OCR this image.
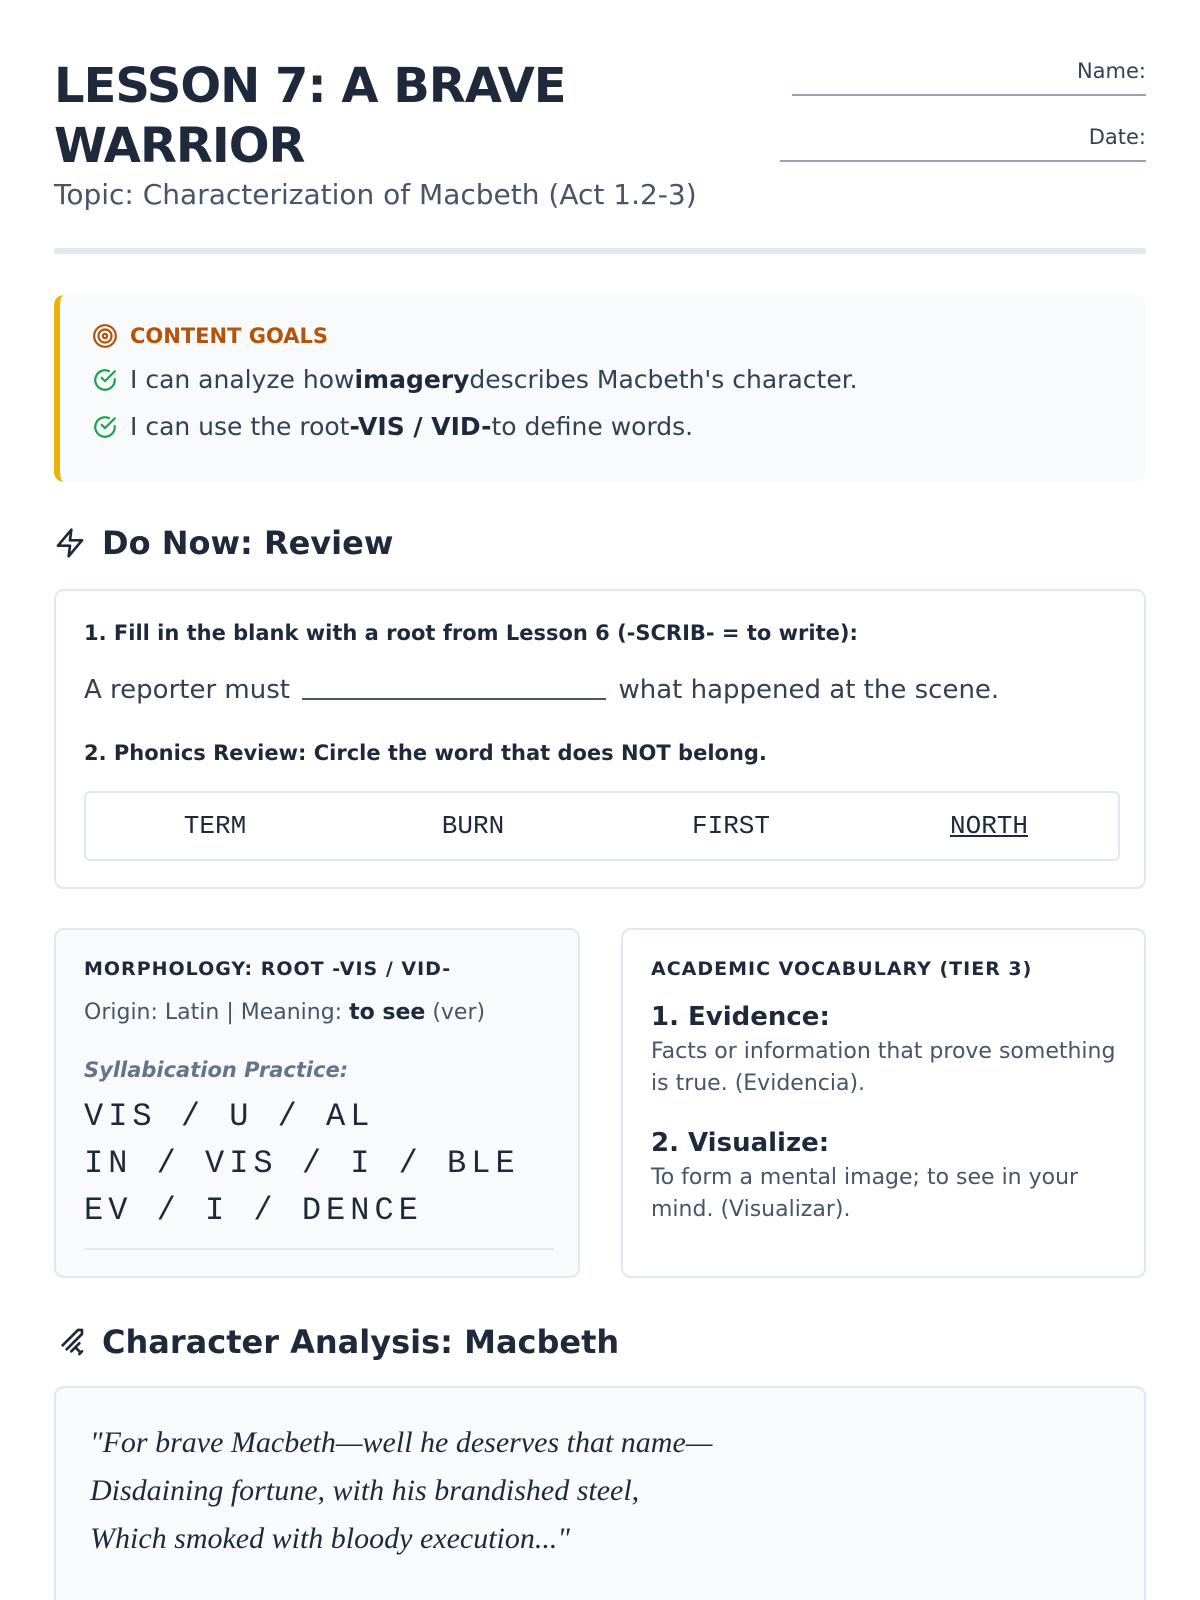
LESSON 7: A BRAVE WARRIOR
Topic: Characterization of Macbeth (Act 1.2-3)
Name:
Date:
CONTENT GOALS
I can analyze howimagerydescribes Macbeth's character.
I can use the root-VIS / VID-to define words.
Do Now: Review
1. Fill in the blank with a root from Lesson 6 (-SCRIB- = to write):
A reporter must	what happened at the scene.
2. Phonics Review: Circle the word that does NOT belong.
TERM	BURN	FIRST	NORTH
MORPHOLOGY: ROOT -VIS / VID-
Origin: Latin | Meaning: to see (ver)
Syllabication Practice:
VIS / U / AL
IN / VIS / I / BLE
EV / I / DENCE
ACADEMIC VOCABULARY (TIER 3)
1. Evidence:
Facts or information that prove something is true. (Evidencia).
2. Visualize:
To form a mental image; to see in your mind. (Visualizar).
Character Analysis: Macbeth
"For brave Macbeth—well he deserves that name—
Disdaining fortune, with his brandished steel,
Which smoked with bloody execution..."
